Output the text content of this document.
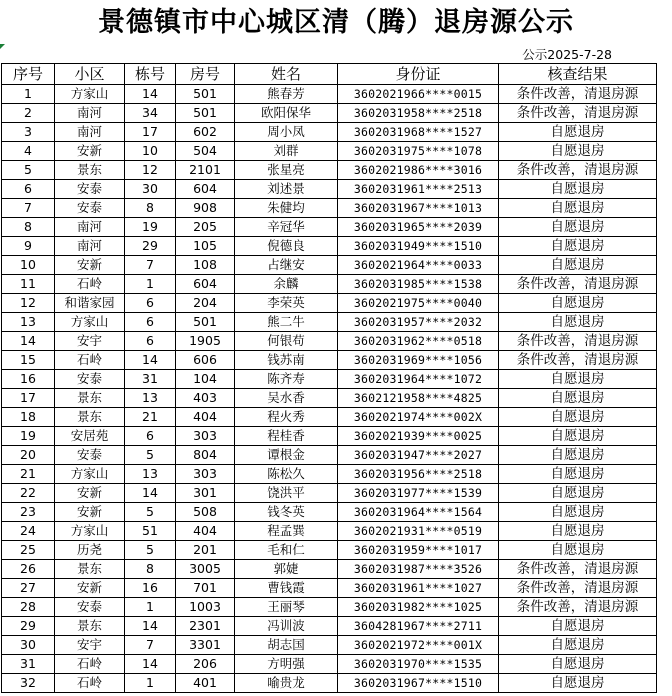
景德镇市中心城区清（腾）退房源公示
公示2025-7-28
序号	小区	栋号	房号	姓名	身份证	核查结果
1	方家山	14	501	熊春芳	3602021966****0015	条件改善，清退房源
2	南河	34	501	欧阳保华	3602031958****2518	条件改善，清退房源
3	南河	17	602	周小凤	3602031968****1527	自愿退房
4	安新	10	504	刘群	3602031975****1078	自愿退房
5	景东	12	2101	张星亮	3602021986****3016	条件改善，清退房源
6	安泰	30	604	刘述景	3602031961****2513	自愿退房
7	安泰	8	908	朱健均	3602031967****1013	自愿退房
8	南河	19	205	辛冠华	3602031965****2039	自愿退房
9	南河	29	105	倪德良	3602031949****1510	自愿退房
10	安新	7	108	占继安	3602021964****0033	自愿退房
11	石岭	1	604	余麟	3602031985****1538	条件改善，清退房源
12	和谐家园	6	204	李荣英	3602021975****0040	自愿退房
13	方家山	6	501	熊二牛	3602031957****2032	自愿退房
14	安宇	6	1905	何银苟	3602031962****0518	条件改善，清退房源
15	石岭	14	606	钱苏南	3602031969****1056	条件改善，清退房源
16	安泰	31	104	陈齐寿	3602031964****1072	自愿退房
17	景东	13	403	吴水香	3602121958****4825	自愿退房
18	景东	21	404	程火秀	3602021974****002X	自愿退房
19	安居苑	6	303	程桂香	3602021939****0025	自愿退房
20	安泰	5	804	谭根金	3602031947****2027	自愿退房
21	方家山	13	303	陈松久	3602031956****2518	自愿退房
22	安新	14	301	饶洪平	3602031977****1539	自愿退房
23	安新	5	508	钱冬英	3602031964****1564	自愿退房
24	方家山	51	404	程孟巽	3602021931****0519	自愿退房
25	历尧	5	201	毛和仁	3602031959****1017	自愿退房
26	景东	8	3005	郭婕	3602031987****3526	条件改善，清退房源
27	安新	16	701	曹钱霞	3602031961****1027	条件改善，清退房源
28	安泰	1	1003	王丽琴	3602031982****1025	条件改善，清退房源
29	景东	14	2301	冯训波	3604281967****2711	自愿退房
30	安宇	7	3301	胡志国	3602021972****001X	自愿退房
31	石岭	14	206	方明强	3602031970****1535	自愿退房
32	石岭	1	401	喻贵龙	3602031967****1510	自愿退房
